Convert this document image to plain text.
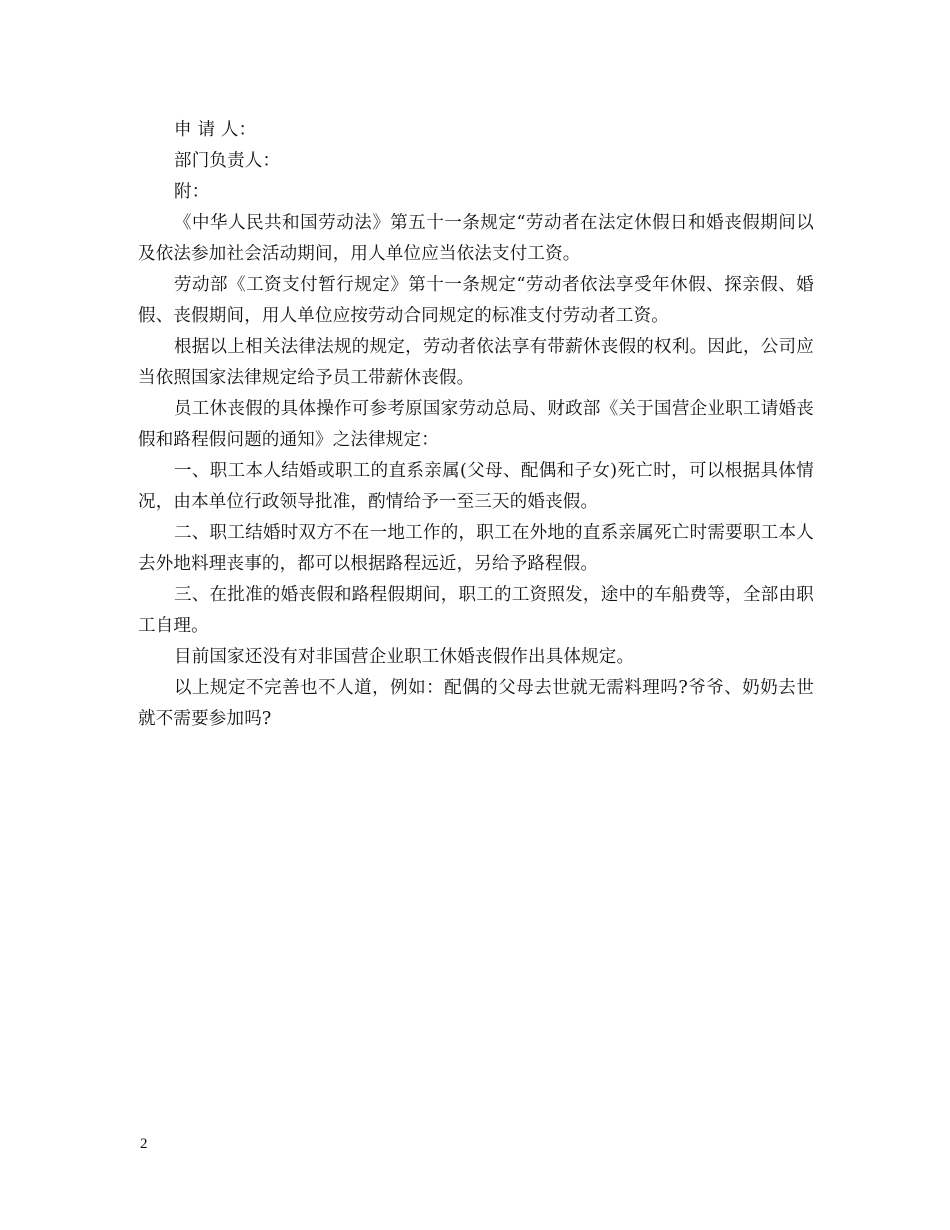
申 请 人：

部门负责人：

附：

《中华人民共和国劳动法》第五十一条规定“劳动者在法定休假日和婚丧假期间以及依法参加社会活动期间，用人单位应当依法支付工资。

劳动部《工资支付暂行规定》第十一条规定“劳动者依法享受年休假、探亲假、婚假、丧假期间，用人单位应按劳动合同规定的标准支付劳动者工资。

根据以上相关法律法规的规定，劳动者依法享有带薪休丧假的权利。因此，公司应当依照国家法律规定给予员工带薪休丧假。

员工休丧假的具体操作可参考原国家劳动总局、财政部《关于国营企业职工请婚丧假和路程假问题的通知》之法律规定：

一、职工本人结婚或职工的直系亲属(父母、配偶和子女)死亡时，可以根据具体情况，由本单位行政领导批准，酌情给予一至三天的婚丧假。

二、职工结婚时双方不在一地工作的，职工在外地的直系亲属死亡时需要职工本人去外地料理丧事的，都可以根据路程远近，另给予路程假。

三、在批准的婚丧假和路程假期间，职工的工资照发，途中的车船费等，全部由职工自理。

目前国家还没有对非国营企业职工休婚丧假作出具体规定。

以上规定不完善也不人道，例如：配偶的父母去世就无需料理吗?爷爷、奶奶去世就不需要参加吗?

2
